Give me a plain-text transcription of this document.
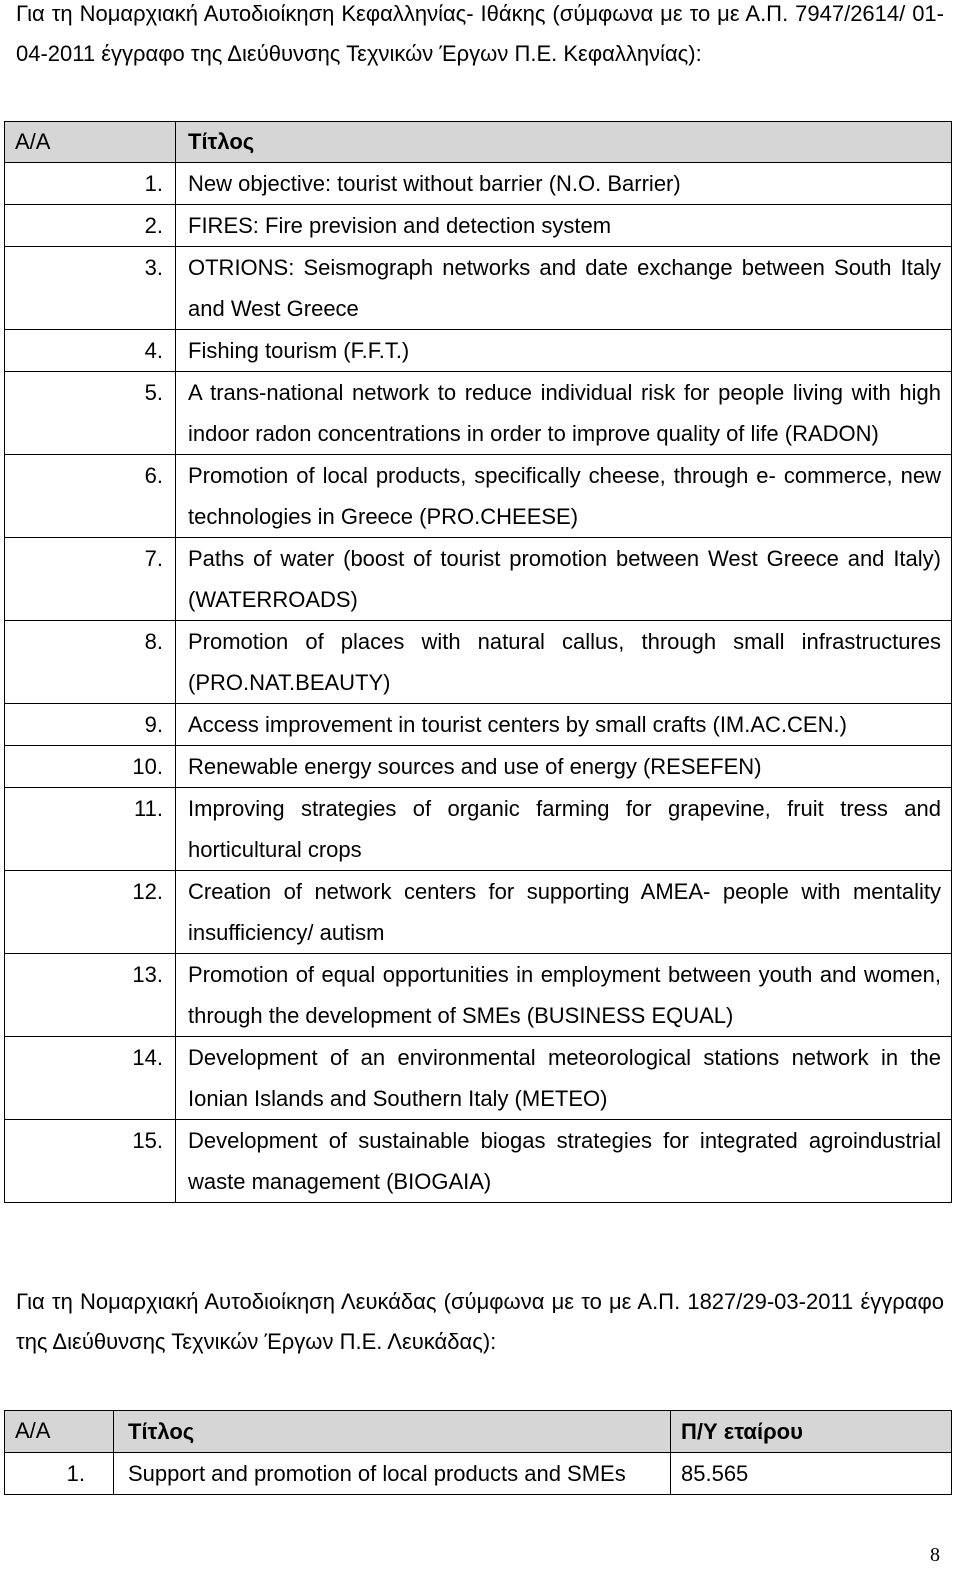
Για τη Νομαρχιακή Αυτοδιοίκηση Κεφαλληνίας- Ιθάκης (σύμφωνα με το με Α.Π. 7947/2614/ 01-04-2011 έγγραφο της Διεύθυνσης Τεχνικών Έργων Π.Ε. Κεφαλληνίας):
Α/Α	Τίτλος
1.	New objective: tourist without barrier (N.O. Barrier)
2.	FIRES: Fire prevision and detection system
3.	OTRIONS: Seismograph networks and date exchange between South Italy and West Greece
4.	Fishing tourism (F.F.T.)
5.	A trans-national network to reduce individual risk for people living with high indoor radon concentrations in order to improve quality of life (RADON)
6.	Promotion of local products, specifically cheese, through e- commerce, new technologies in Greece (PRO.CHEESE)
7.	Paths of water (boost of tourist promotion between West Greece and Italy) (WATERROADS)
8.	Promotion of places with natural callus, through small infrastructures (PRO.NAT.BEAUTY)
9.	Access improvement in tourist centers by small crafts (IM.AC.CEN.)
10.	Renewable energy sources and use of energy (RESEFEN)
11.	Improving strategies of organic farming for grapevine, fruit tress and horticultural crops
12.	Creation of network centers for supporting AMEA- people with mentality insufficiency/ autism
13.	Promotion of equal opportunities in employment between youth and women, through the development of SMEs (BUSINESS EQUAL)
14.	Development of an environmental meteorological stations network in the Ionian Islands and Southern Italy (METEO)
15.	Development of sustainable biogas strategies for integrated agroindustrial waste management (BIOGAIA)
Για τη Νομαρχιακή Αυτοδιοίκηση Λευκάδας (σύμφωνα με το με Α.Π. 1827/29-03-2011 έγγραφο της Διεύθυνσης Τεχνικών Έργων Π.Ε. Λευκάδας):
Α/Α	Τίτλος	Π/Υ εταίρου
1.	Support and promotion of local products and SMEs	85.565
8
